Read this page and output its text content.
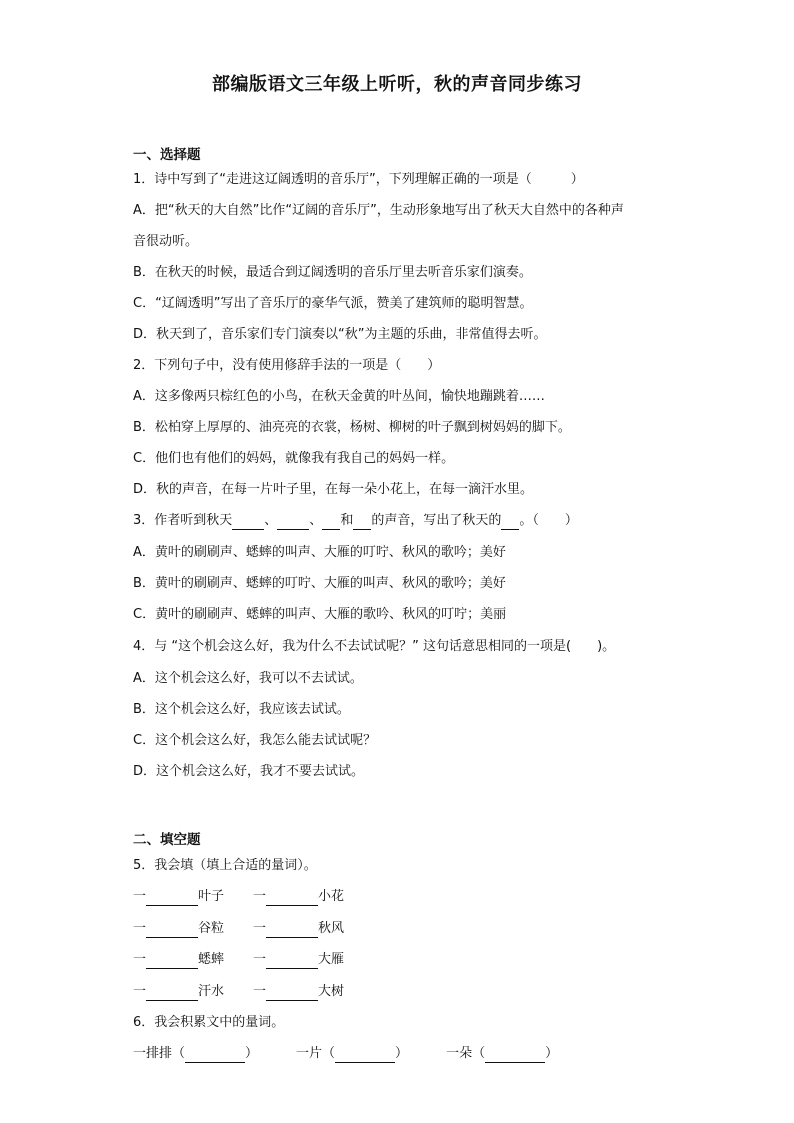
部编版语文三年级上听听，秋的声音同步练习
一、选择题
1．诗中写到了“走进这辽阔透明的音乐厅”，下列理解正确的一项是（　　　）
A．把“秋天的大自然”比作“辽阔的音乐厅”，生动形象地写出了秋天大自然中的各种声
音很动听。
B．在秋天的时候，最适合到辽阔透明的音乐厅里去听音乐家们演奏。
C．“辽阔透明”写出了音乐厅的豪华气派，赞美了建筑师的聪明智慧。
D．秋天到了，音乐家们专门演奏以“秋”为主题的乐曲，非常值得去听。
2．下列句子中，没有使用修辞手法的一项是（　　）
A．这多像两只棕红色的小鸟，在秋天金黄的叶丛间，愉快地蹦跳着……
B．松柏穿上厚厚的、油亮亮的衣裳，杨树、柳树的叶子飘到树妈妈的脚下。
C．他们也有他们的妈妈，就像我有我自己的妈妈一样。
D．秋的声音，在每一片叶子里，在每一朵小花上，在每一滴汗水里。
3．作者听到秋天 、 、 和 的声音，写出了秋天的 。（　　）
A．黄叶的刷刷声、蟋蟀的叫声、大雁的叮咛、秋风的歌吟；美好
B．黄叶的刷刷声、蟋蟀的叮咛、大雁的叫声、秋风的歌吟；美好
C．黄叶的刷刷声、蟋蟀的叫声、大雁的歌吟、秋风的叮咛；美丽
4．与 “这个机会这么好，我为什么不去试试呢？” 这句话意思相同的一项是(　　)。
A．这个机会这么好，我可以不去试试。
B．这个机会这么好，我应该去试试。
C．这个机会这么好，我怎么能去试试呢？
D．这个机会这么好，我才不要去试试。
二、填空题
5．我会填（填上合适的量词）。
一	叶子 一	小花
一	谷粒 一	秋风
一	蟋蟀 一	大雁
一	汗水 一	大树
6．我会积累文中的量词。
一排排（	）	一片（	）	一朵（	）
